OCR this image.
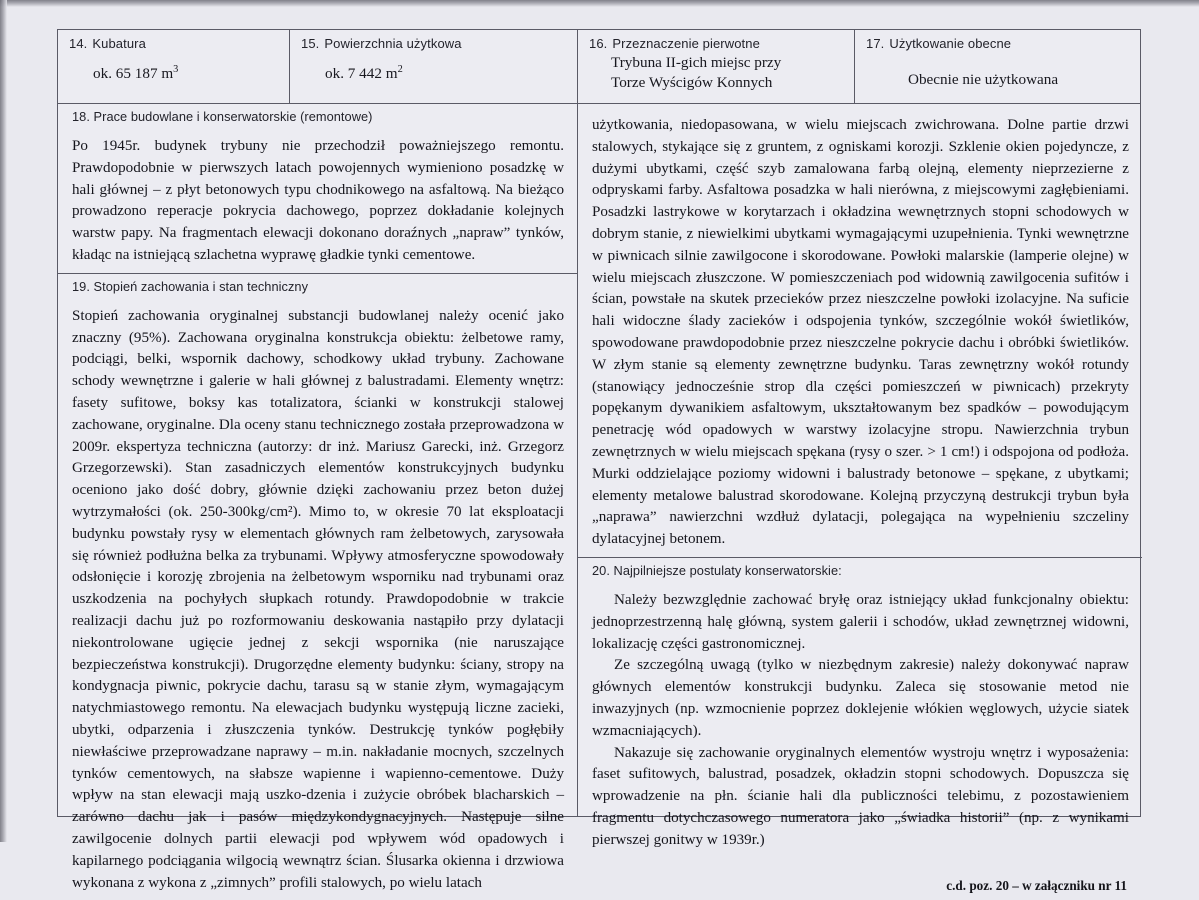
14. Kubatura
ok. 65 187 $m^3$
15. Powierzchnia użytkowa
ok. 7 442 $m^2$
16. Przeznaczenie pierwotne
Trybuna II-gich miejsc przy
Torze Wyścigów Konnych
17. Użytkowanie obecne
Obecnie nie użytkowana
18. Prace budowlane i konserwatorskie (remontowe)

Po 1945r. budynek trybuny nie przechodził poważniejszego remontu. Prawdopodobnie w pierwszych latach powojennych wymieniono posadzkę w hali głównej – z płyt betonowych typu chodnikowego na asfaltową. Na bieżąco prowadzono reperacje pokrycia dachowego, poprzez dokładanie kolejnych warstw papy. Na fragmentach elewacji dokonano doraźnych „napraw” tynków, kładąc na istniejącą szlachetna wyprawę gładkie tynki cementowe.

19. Stopień zachowania i stan techniczny

Stopień zachowania oryginalnej substancji budowlanej należy ocenić jako znaczny (95%). Zachowana oryginalna konstrukcja obiektu: żelbetowe ramy, podciągi, belki, wspornik dachowy, schodkowy układ trybuny. Zachowane schody wewnętrzne i galerie w hali głównej z balustradami. Elementy wnętrz: fasety sufitowe, boksy kas totalizatora, ścianki w konstrukcji stalowej zachowane, oryginalne. Dla oceny stanu technicznego została przeprowadzona w 2009r. ekspertyza techniczna (autorzy: dr inż. Mariusz Garecki, inż. Grzegorz Grzegorzewski). Stan zasadniczych elementów konstrukcyjnych budynku oceniono jako dość dobry, głównie dzięki zachowaniu przez beton dużej wytrzymałości (ok. 250-300kg/cm²). Mimo to, w okresie 70 lat eksploatacji budynku powstały rysy w elementach głównych ram żelbetowych, zarysowała się również podłużna belka za trybunami. Wpływy atmosferyczne spowodowały odsłonięcie i korozję zbrojenia na żelbetowym wsporniku nad trybunami oraz uszkodzenia na pochyłych słupkach rotundy. Prawdopodobnie w trakcie realizacji dachu już po rozformowaniu deskowania nastąpiło przy dylatacji niekontrolowane ugięcie jednej z sekcji wspornika (nie naruszające bezpieczeństwa konstrukcji). Drugorzędne elementy budynku: ściany, stropy na kondygnacja piwnic, pokrycie dachu, tarasu są w stanie złym, wymagającym natychmiastowego remontu. Na elewacjach budynku występują liczne zacieki, ubytki, odparzenia i złuszczenia tynków. Destrukcję tynków pogłębiły niewłaściwe przeprowadzane naprawy – m.in. nakładanie mocnych, szczelnych tynków cementowych, na słabsze wapienne i wapienno-cementowe. Duży wpływ na stan elewacji mają uszko-dzenia i zużycie obróbek blacharskich – zarówno dachu jak i pasów międzykondygnacyjnych. Następuje silne zawilgocenie dolnych partii elewacji pod wpływem wód opadowych i kapilarnego podciągania wilgocią wewnątrz ścian. Ślusarka okienna i drzwiowa wykonana z wykona z „zimnych” profili stalowych, po wielu latach

użytkowania, niedopasowana, w wielu miejscach zwichrowana. Dolne partie drzwi stalowych, stykające się z gruntem, z ogniskami korozji. Szklenie okien pojedyncze, z dużymi ubytkami, część szyb zamalowana farbą olejną, elementy nieprzezierne z odpryskami farby. Asfaltowa posadzka w hali nierówna, z miejscowymi zagłębieniami. Posadzki lastrykowe w korytarzach i okładzina wewnętrznych stopni schodowych w dobrym stanie, z niewielkimi ubytkami wymagającymi uzupełnienia. Tynki wewnętrzne w piwnicach silnie zawilgocone i skorodowane. Powłoki malarskie (lamperie olejne) w wielu miejscach złuszczone. W pomieszczeniach pod widownią zawilgocenia sufitów i ścian, powstałe na skutek przecieków przez nieszczelne powłoki izolacyjne. Na suficie hali widoczne ślady zacieków i odspojenia tynków, szczególnie wokół świetlików, spowodowane prawdopodobnie przez nieszczelne pokrycie dachu i obróbki świetlików. W złym stanie są elementy zewnętrzne budynku. Taras zewnętrzny wokół rotundy (stanowiący jednocześnie strop dla części pomieszczeń w piwnicach) przekryty popękanym dywanikiem asfaltowym, ukształtowanym bez spadków – powodującym penetrację wód opadowych w warstwy izolacyjne stropu. Nawierzchnia trybun zewnętrznych w wielu miejscach spękana (rysy o szer. > 1 cm!) i odspojona od podłoża. Murki oddzielające poziomy widowni i balustrady betonowe – spękane, z ubytkami; elementy metalowe balustrad skorodowane. Kolejną przyczyną destrukcji trybun była „naprawa” nawierzchni wzdłuż dylatacji, polegająca na wypełnieniu szczeliny dylatacyjnej betonem.

20. Najpilniejsze postulaty konserwatorskie:

Należy bezwzględnie zachować bryłę oraz istniejący układ funkcjonalny obiektu: jednoprzestrzenną halę główną, system galerii i schodów, układ zewnętrznej widowni, lokalizację części gastronomicznej.

Ze szczególną uwagą (tylko w niezbędnym zakresie) należy dokonywać napraw głównych elementów konstrukcji budynku. Zaleca się stosowanie metod nie inwazyjnych (np. wzmocnienie poprzez doklejenie włókien węglowych, użycie siatek wzmacniających).

Nakazuje się zachowanie oryginalnych elementów wystroju wnętrz i wyposażenia: faset sufitowych, balustrad, posadzek, okładzin stopni schodowych. Dopuszcza się wprowadzenie na płn. ścianie hali dla publiczności telebimu, z pozostawieniem fragmentu dotychczasowego numeratora jako „świadka historii” (np. z wynikami pierwszej gonitwy w 1939r.)

c.d. poz. 20 – w załączniku nr 11
